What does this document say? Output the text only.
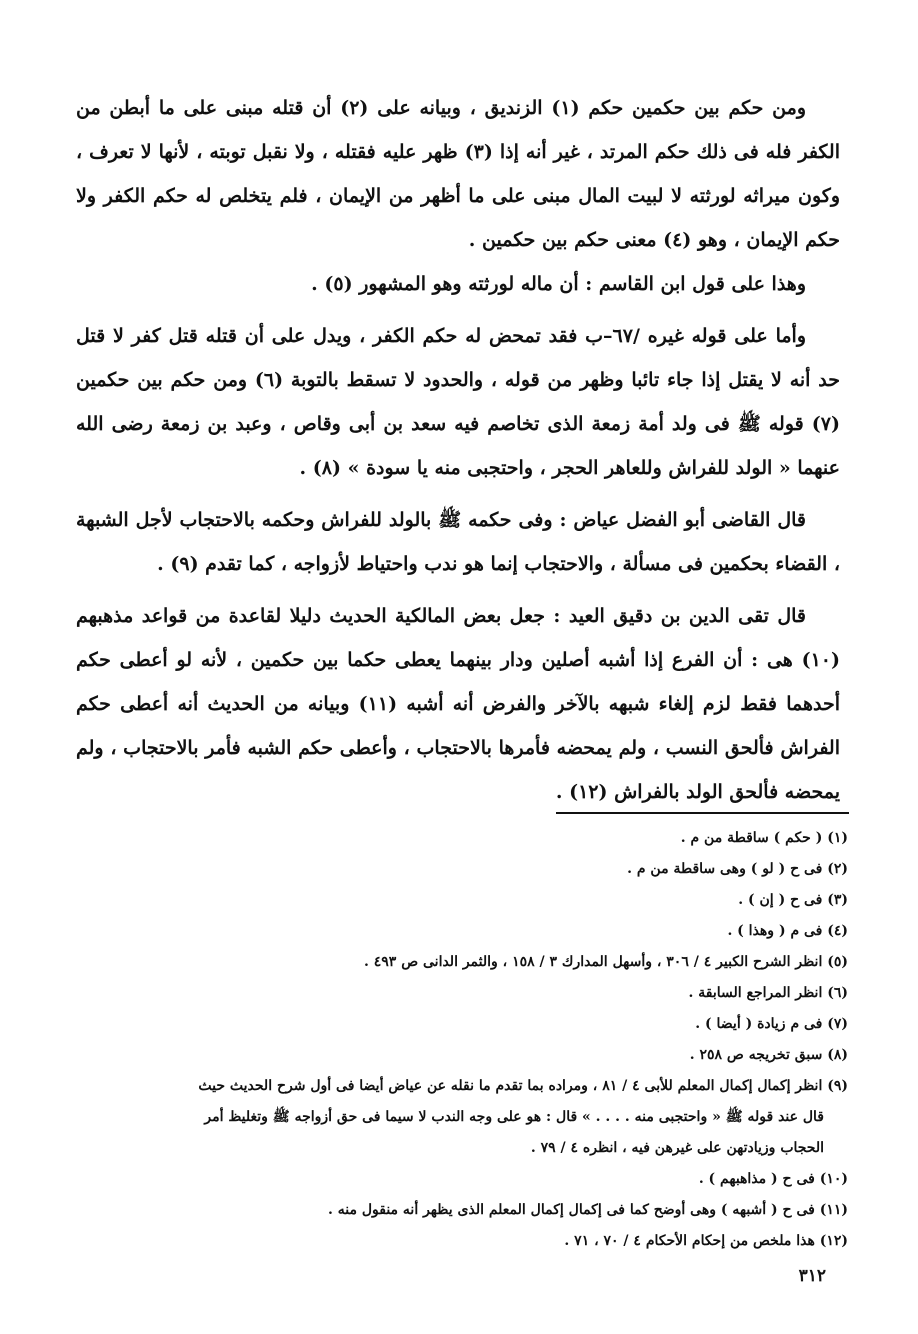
ومن حكم بين حكمين حكم (١) الزنديق ، وبيانه على (٢) أن قتله مبنى على ما أبطن من الكفر فله فى ذلك حكم المرتد ، غير أنه إذا (٣) ظهر عليه فقتله ، ولا نقبل توبته ، لأنها لا تعرف ، وكون ميراثه لورثته لا لبيت المال مبنى على ما أظهر من الإيمان ، فلم يتخلص له حكم الكفر ولا حكم الإيمان ، وهو (٤) معنى حكم بين حكمين .

وهذا على قول ابن القاسم : أن ماله لورثته وهو المشهور (٥) .

وأما على قوله غيره /٦٧–ب فقد تمحض له حكم الكفر ، ويدل على أن قتله قتل كفر لا قتل حد أنه لا يقتل إذا جاء تائبا وظهر من قوله ، والحدود لا تسقط بالتوبة (٦) ومن حكم بين حكمين (٧) قوله ﷺ فى ولد أمة زمعة الذى تخاصم فيه سعد بن أبى وقاص ، وعبد بن زمعة رضى الله عنهما « الولد للفراش وللعاهر الحجر ، واحتجبى منه يا سودة » (٨) .

قال القاضى أبو الفضل عياض : وفى حكمه ﷺ بالولد للفراش وحكمه بالاحتجاب لأجل الشبهة ، القضاء بحكمين فى مسألة ، والاحتجاب إنما هو ندب واحتياط لأزواجه ، كما تقدم (٩) .

قال تقى الدين بن دقيق العيد : جعل بعض المالكية الحديث دليلا لقاعدة من قواعد مذهبهم (١٠) هى : أن الفرع إذا أشبه أصلين ودار بينهما يعطى حكما بين حكمين ، لأنه لو أعطى حكم أحدهما فقط لزم إلغاء شبهه بالآخر والفرض أنه أشبه (١١) وبيانه من الحديث أنه أعطى حكم الفراش فألحق النسب ، ولم يمحضه فأمرها بالاحتجاب ، وأعطى حكم الشبه فأمر بالاحتجاب ، ولم يمحضه فألحق الولد بالفراش (١٢) .

(١) ( حكم ) ساقطة من م .

(٢) فى ح ( لو ) وهى ساقطة من م .

(٣) فى ح ( إن ) .

(٤) فى م ( وهذا ) .

(٥) انظر الشرح الكبير ٤ / ٣٠٦ ، وأسهل المدارك ٣ / ١٥٨ ، والثمر الدانى ص ٤٩٣ .

(٦) انظر المراجع السابقة .

(٧) فى م زيادة ( أيضا ) .

(٨) سبق تخريجه ص ٢٥٨ .

(٩) انظر إكمال إكمال المعلم للأبى ٤ / ٨١ ، ومراده بما تقدم ما نقله عن عياض أيضا فى أول شرح الحديث حيث

قال عند قوله ﷺ « واحتجبى منه . . . . » قال : هو على وجه الندب لا سيما فى حق أزواجه ﷺ وتغليظ أمر

الحجاب وزيادتهن على غيرهن فيه ، انظره ٤ / ٧٩ .

(١٠) فى ح ( مذاهبهم ) .

(١١) فى ح ( أشبهه ) وهى أوضح كما فى إكمال إكمال المعلم الذى يظهر أنه منقول منه .

(١٢) هذا ملخص من إحكام الأحكام ٤ / ٧٠ ، ٧١ .

٣١٢
